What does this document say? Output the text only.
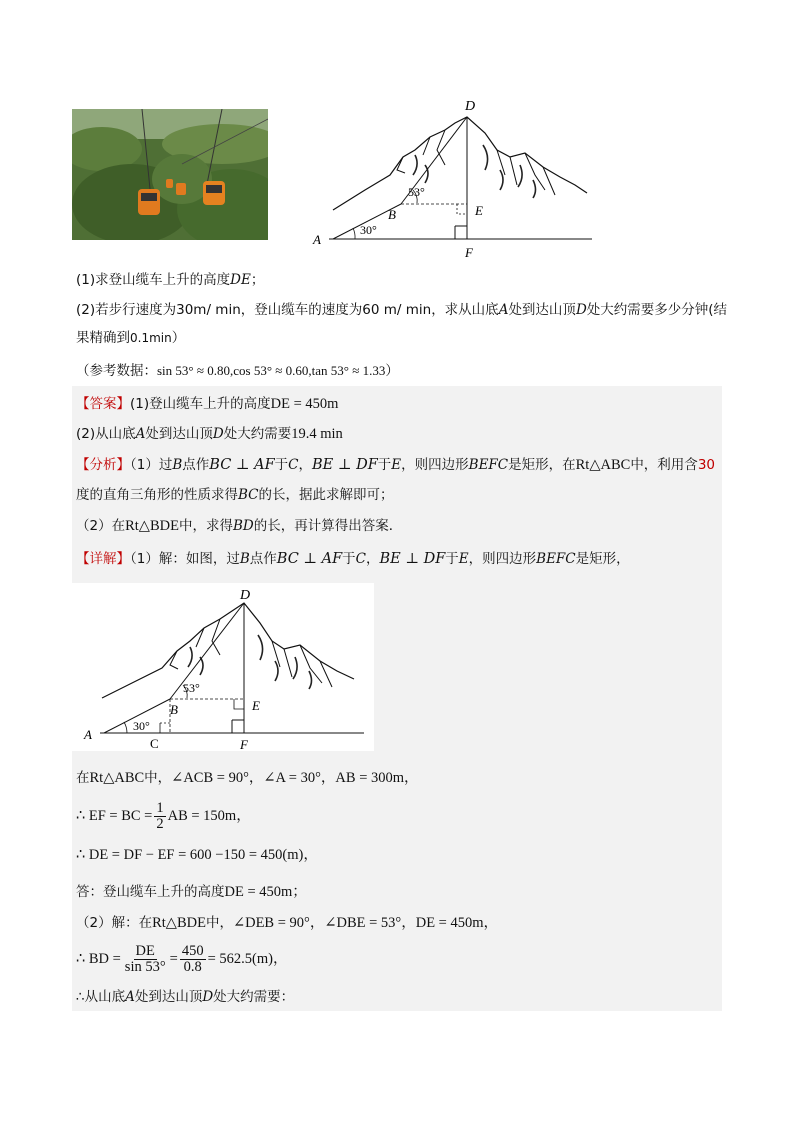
D
E
F
A
B
53°
30°
(1)求登山缆车上升的高度DE；
(2)若步行速度为30m/ min，登山缆车的速度为60 m/ min，求从山底A处到达山顶D处大约需要多少分钟(结
果精确到0.1min）
（参考数据：sin 53° ≈ 0.80,cos 53° ≈ 0.60,tan 53° ≈ 1.33）
【答案】(1)登山缆车上升的高度DE = 450m
(2)从山底A处到达山顶D处大约需要19.4 min
【分析】（1）过B点作BC ⊥ AF于C，BE ⊥ DF于E，则四边形BEFC是矩形，在Rt△ABC中，利用含30
度的直角三角形的性质求得BC的长，据此求解即可；
（2）在Rt△BDE中，求得BD的长，再计算得出答案．
【详解】（1）解：如图，过B点作BC ⊥ AF于C，BE ⊥ DF于E，则四边形BEFC是矩形，
D
E
F
A
B
C
53°
30°
在Rt△ABC中，∠ACB = 90°，∠A = 30°，AB = 300m，
∴ EF = BC = $\frac{1}{2}$ AB = 150m，
∴ DE = DF − EF = 600 −150 = 450(m)，
答：登山缆车上升的高度DE = 450m；
（2）解：在Rt△BDE中，∠DEB = 90°，∠DBE = 53°，DE = 450m，
∴ BD = $\frac{DE}{\sin 53^\circ} = \frac{450}{0.8} = 562.5(m)$，
∴从山底A处到达山顶D处大约需要：
